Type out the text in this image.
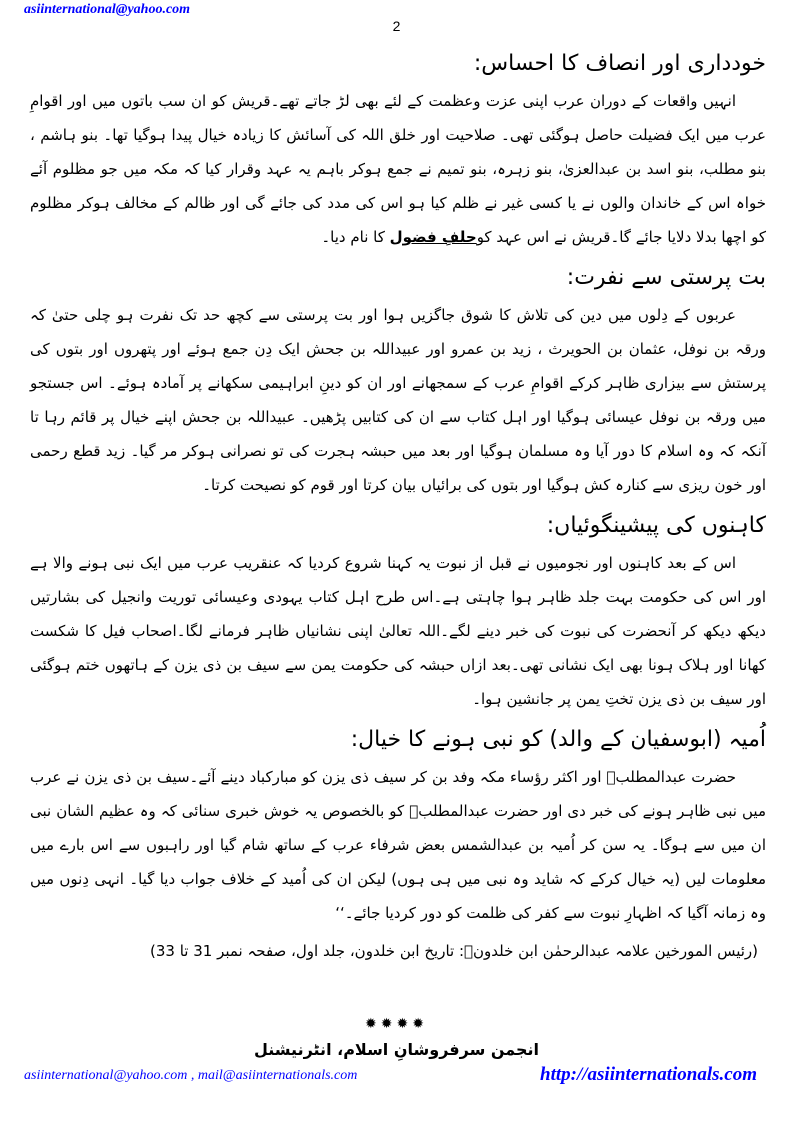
asiinternational@yahoo.com
2
خودداری اور انصاف کا احساس:

انہیں واقعات کے دوران عرب اپنی عزت وعظمت کے لئے بھی لڑ جاتے تھے۔قریش کو ان سب باتوں میں اور اقوامِ عرب میں ایک فضیلت حاصل ہوگئی تھی۔ صلاحیت اور خلق اللہ کی آسائش کا زیادہ خیال پیدا ہوگیا تھا۔ بنو ہاشم ، بنو مطلب، بنو اسد بن عبدالعزیٰ، بنو زہرہ، بنو تمیم نے جمع ہوکر باہم یہ عہد وقرار کیا کہ مکہ میں جو مظلوم آئے خواہ اس کے خاندان والوں نے یا کسی غیر نے ظلم کیا ہو اس کی مدد کی جائے گی اور ظالم کے مخالف ہوکر مظلوم کو اچھا بدلا دلایا جائے گا۔قریش نے اس عہد کوحلفِ فضول کا نام دیا۔

بت پرستی سے نفرت:

عربوں کے دِلوں میں دین کی تلاش کا شوق جاگزیں ہوا اور بت پرستی سے کچھ حد تک نفرت ہو چلی حتیٰ کہ ورقہ بن نوفل، عثمان بن الحویرث ، زید بن عمرو اور عبیداللہ بن جحش ایک دِن جمع ہوئے اور پتھروں اور بتوں کی پرستش سے بیزاری ظاہر کرکے اقوامِ عرب کے سمجھانے اور ان کو دینِ ابراہیمی سکھانے پر آمادہ ہوئے۔ اس جستجو میں ورقہ بن نوفل عیسائی ہوگیا اور اہل کتاب سے ان کی کتابیں پڑھیں۔ عبیداللہ بن جحش اپنے خیال پر قائم رہا تا آنکہ کہ وہ اسلام کا دور آیا وہ مسلمان ہوگیا اور بعد میں حبشہ ہجرت کی تو نصرانی ہوکر مر گیا۔ زید قطع رحمی اور خون ریزی سے کنارہ کش ہوگیا اور بتوں کی برائیاں بیان کرتا اور قوم کو نصیحت کرتا۔

کاہنوں کی پیشینگوئیاں:

اس کے بعد کاہنوں اور نجومیوں نے قبل از نبوت یہ کہنا شروع کردیا کہ عنقریب عرب میں ایک نبی ہونے والا ہے اور اس کی حکومت بہت جلد ظاہر ہوا چاہتی ہے۔اس طرح اہل کتاب یہودی وعیسائی توریت وانجیل کی بشارتیں دیکھ دیکھ کر آنحضرت کی نبوت کی خبر دینے لگے۔اللہ تعالیٰ اپنی نشانیاں ظاہر فرمانے لگا۔اصحاب فیل کا شکست کھانا اور ہلاک ہونا بھی ایک نشانی تھی۔بعد ازاں حبشہ کی حکومت یمن سے سیف بن ذی یزن کے ہاتھوں ختم ہوگئی اور سیف بن ذی یزن تختِ یمن پر جانشین ہوا۔

اُمیہ (ابوسفیان کے والد) کو نبی ہونے کا خیال:

حضرت عبدالمطلبؓ اور اکثر رؤساء مکہ وفد بن کر سیف ذی یزن کو مبارکباد دینے آئے۔سیف بن ذی یزن نے عرب میں نبی ظاہر ہونے کی خبر دی اور حضرت عبدالمطلبؓ کو بالخصوص یہ خوش خبری سنائی کہ وہ عظیم الشان نبی ان میں سے ہوگا۔ یہ سن کر اُمیہ بن عبدالشمس بعض شرفاء عرب کے ساتھ شام گیا اور راہبوں سے اس بارے میں معلومات لیں (یہ خیال کرکے کہ شاید وہ نبی میں ہی ہوں) لیکن ان کی اُمید کے خلاف جواب دیا گیا۔ انہی دِنوں میں وہ زمانہ آگیا کہ اظہارِ نبوت سے کفر کی ظلمت کو دور کردیا جائے۔‘‘

(رئیس المورخین علامہ عبدالرحمٰن ابن خلدونؒ: تاریخ ابن خلدون، جلد اول، صفحہ نمبر 31 تا 33)
✹✹✹✹
انجمن سرفروشانِ اسلام، انٹرنیشنل
asiinternational@yahoo.com , mail@asiinternationals.com	http://asiinternationals.com
